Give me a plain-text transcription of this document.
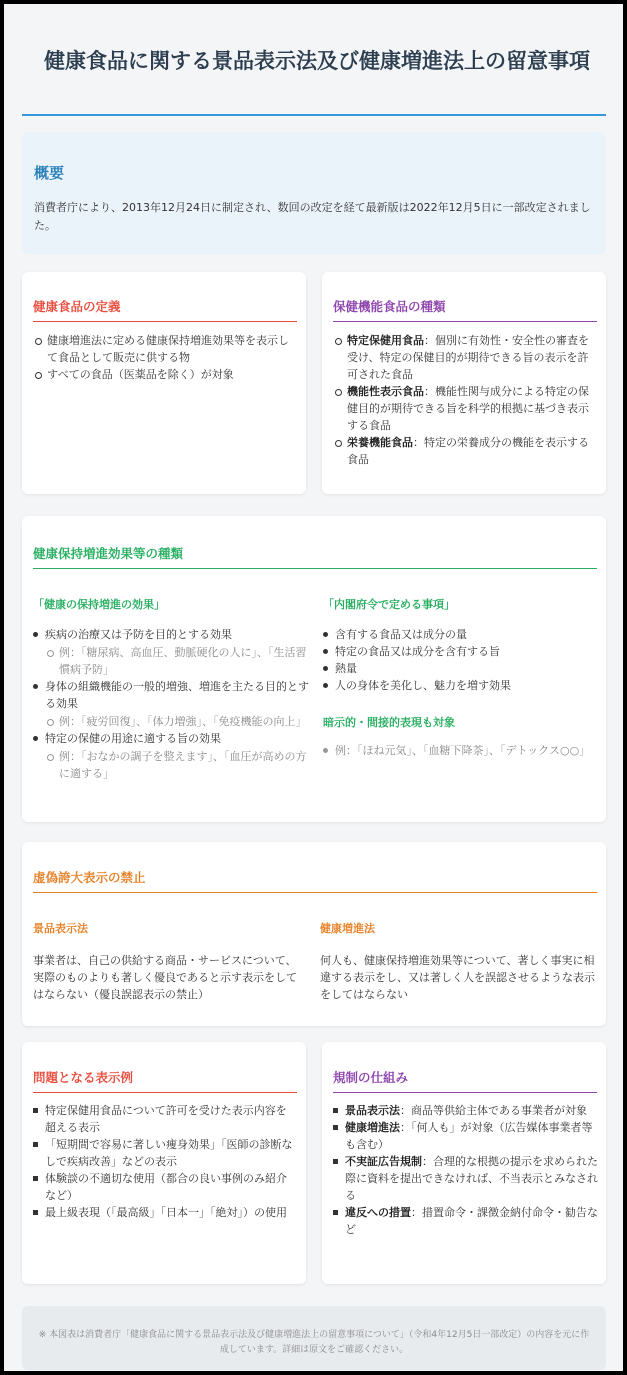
健康食品に関する景品表示法及び健康増進法上の留意事項
概要
消費者庁により、2013年12月24日に制定され、数回の改定を経て最新版は2022年12月5日に一部改定されました。
健康食品の定義
健康増進法に定める健康保持増進効果等を表示して食品として販売に供する物
すべての食品（医薬品を除く）が対象
保健機能食品の種類
特定保健用食品：個別に有効性・安全性の審査を受け、特定の保健目的が期待できる旨の表示を許可された食品
機能性表示食品：機能性関与成分による特定の保健目的が期待できる旨を科学的根拠に基づき表示する食品
栄養機能食品：特定の栄養成分の機能を表示する食品
健康保持増進効果等の種類
「健康の保持増進の効果」
疾病の治療又は予防を目的とする効果
例：「糖尿病、高血圧、動脈硬化の人に」、「生活習慣病予防」
身体の組織機能の一般的増強、増進を主たる目的とする効果
例：「疲労回復」、「体力増強」、「免疫機能の向上」
特定の保健の用途に適する旨の効果
例：「おなかの調子を整えます」、「血圧が高めの方に適する」
「内閣府令で定める事項」
含有する食品又は成分の量
特定の食品又は成分を含有する旨
熱量
人の身体を美化し、魅力を増す効果
暗示的・間接的表現も対象
例：「ほね元気」、「血糖下降茶」、「デトックス○○」
虚偽誇大表示の禁止
景品表示法
事業者は、自己の供給する商品・サービスについて、実際のものよりも著しく優良であると示す表示をしてはならない（優良誤認表示の禁止）
健康増進法
何人も、健康保持増進効果等について、著しく事実に相違する表示をし、又は著しく人を誤認させるような表示をしてはならない
問題となる表示例
特定保健用食品について許可を受けた表示内容を超える表示
「短期間で容易に著しい痩身効果」「医師の診断なしで疾病改善」などの表示
体験談の不適切な使用（都合の良い事例のみ紹介など）
最上級表現（「最高級」「日本一」「絶対」）の使用
規制の仕組み
景品表示法：商品等供給主体である事業者が対象
健康増進法：「何人も」が対象（広告媒体事業者等も含む）
不実証広告規制：合理的な根拠の提示を求められた際に資料を提出できなければ、不当表示とみなされる
違反への措置：措置命令・課徴金納付命令・勧告など

※ 本図表は消費者庁「健康食品に関する景品表示法及び健康増進法上の留意事項について」（令和4年12月5日一部改定）の内容を元に作成しています。詳細は原文をご確認ください。
